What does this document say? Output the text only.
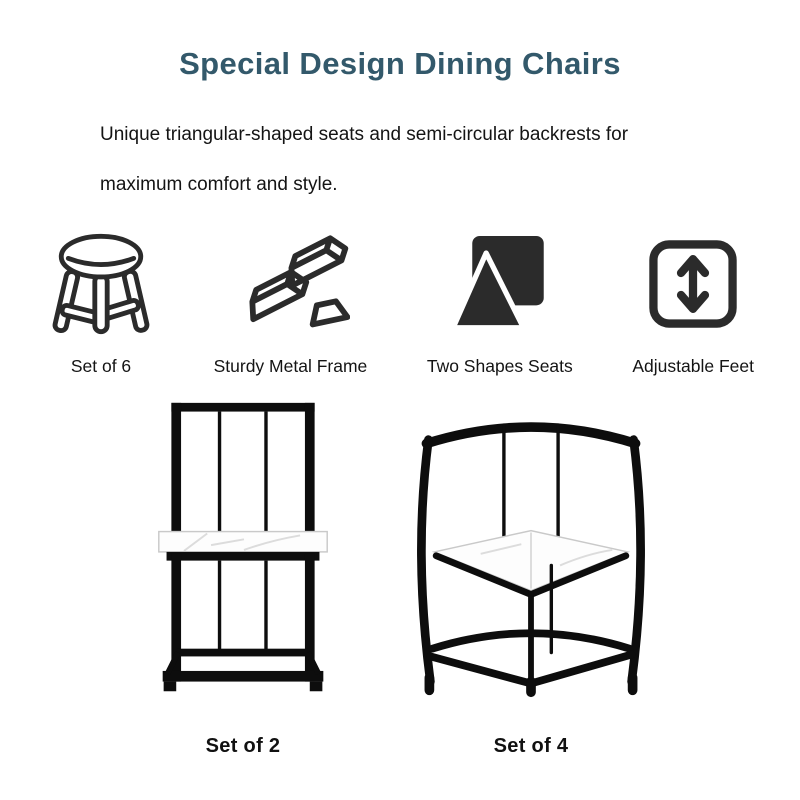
Special Design Dining Chairs
Unique triangular-shaped seats and semi-circular backrests for
maximum comfort and style.
Set of 6	Sturdy Metal Frame	Two Shapes Seats	Adjustable Feet
Set of 2	Set of 4
